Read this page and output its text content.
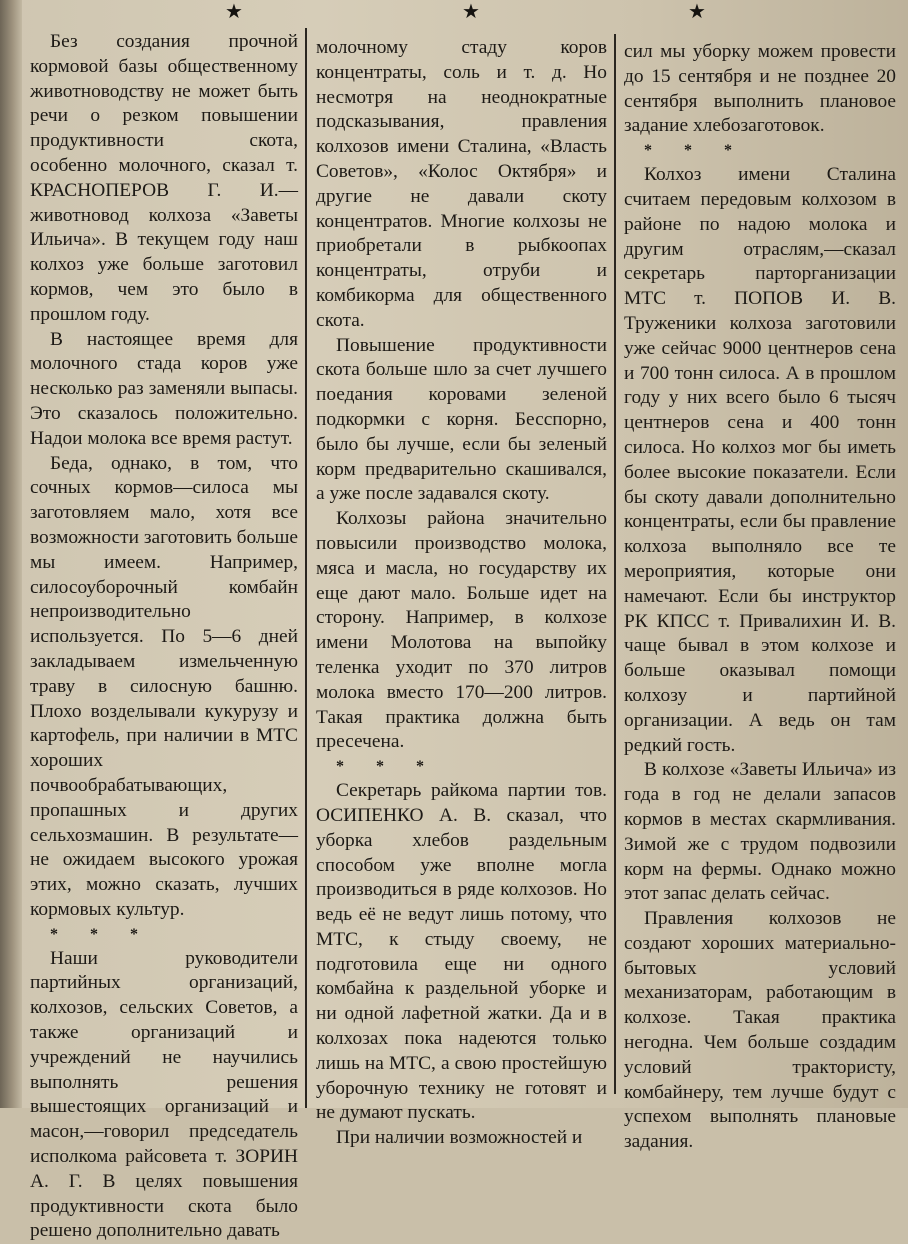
★	★	★

Без создания прочной кормовой базы общественному животноводству не может быть речи о резком повышении продуктивности скота, особенно молочного, сказал т. КРАСНОПЕРОВ Г. И.—животновод колхоза «Заветы Ильича». В текущем году наш колхоз уже больше заготовил кормов, чем это было в прошлом году.

В настоящее время для молочного стада коров уже несколько раз заменяли выпасы. Это сказалось положительно. Надои молока все время растут.

Беда, однако, в том, что сочных кормов—силоса мы заготовляем мало, хотя все возможности заготовить больше мы имеем. Например, силосоуборочный комбайн непроизводительно используется. По 5—6 дней закладываем измельченную траву в силосную башню. Плохо возделывали кукурузу и картофель, при наличии в МТС хороших почвообрабатывающих, пропашных и других сельхозмашин. В результате—не ожидаем высокого урожая этих, можно сказать, лучших кормовых культур.

* * *

Наши руководители партийных организаций, колхозов, сельских Советов, а также организаций и учреждений не научились выполнять решения вышестоящих организаций и масон,—говорил председатель исполкома райсовета т. ЗОРИН А. Г. В целях повышения продуктивности скота было решено дополнительно давать

молочному стаду коров концентраты, соль и т. д. Но несмотря на неоднократные подсказывания, правления колхозов имени Сталина, «Власть Советов», «Колос Октября» и другие не давали скоту концентратов. Многие колхозы не приобретали в рыбкоопах концентраты, отруби и комбикорма для общественного скота.

Повышение продуктивности скота больше шло за счет лучшего поедания коровами зеленой подкормки с корня. Бесспорно, было бы лучше, если бы зеленый корм предварительно скашивался, а уже после задавался скоту.

Колхозы района значительно повысили производство молока, мяса и масла, но государству их еще дают мало. Больше идет на сторону. Например, в колхозе имени Молотова на выпойку теленка уходит по 370 литров молока вместо 170—200 литров. Такая практика должна быть пресечена.

* * *

Секретарь райкома партии тов. ОСИПЕНКО А. В. сказал, что уборка хлебов раздельным способом уже вполне могла производиться в ряде колхозов. Но ведь её не ведут лишь потому, что МТС, к стыду своему, не подготовила еще ни одного комбайна к раздельной уборке и ни одной лафетной жатки. Да и в колхозах пока надеются только лишь на МТС, а свою простейшую уборочную технику не готовят и не думают пускать.

При наличии возможностей и

сил мы уборку можем провести до 15 сентября и не позднее 20 сентября выполнить плановое задание хлебозаготовок.

* * *

Колхоз имени Сталина считаем передовым колхозом в районе по надою молока и другим отраслям,—сказал секретарь парторганизации МТС т. ПОПОВ И. В. Труженики колхоза заготовили уже сейчас 9000 центнеров сена и 700 тонн силоса. А в прошлом году у них всего было 6 тысяч центнеров сена и 400 тонн силоса. Но колхоз мог бы иметь более высокие показатели. Если бы скоту давали дополнительно концентраты, если бы правление колхоза выполняло все те мероприятия, которые они намечают. Если бы инструктор РК КПСС т. Привалихин И. В. чаще бывал в этом колхозе и больше оказывал помощи колхозу и партийной организации. А ведь он там редкий гость.

В колхозе «Заветы Ильича» из года в год не делали запасов кормов в местах скармливания. Зимой же с трудом подвозили корм на фермы. Однако можно этот запас делать сейчас.

Правления колхозов не создают хороших материально-бытовых условий механизаторам, работающим в колхозе. Такая практика негодна. Чем больше создадим условий трактористу, комбайнеру, тем лучше будут с успехом выполнять плановые задания.
